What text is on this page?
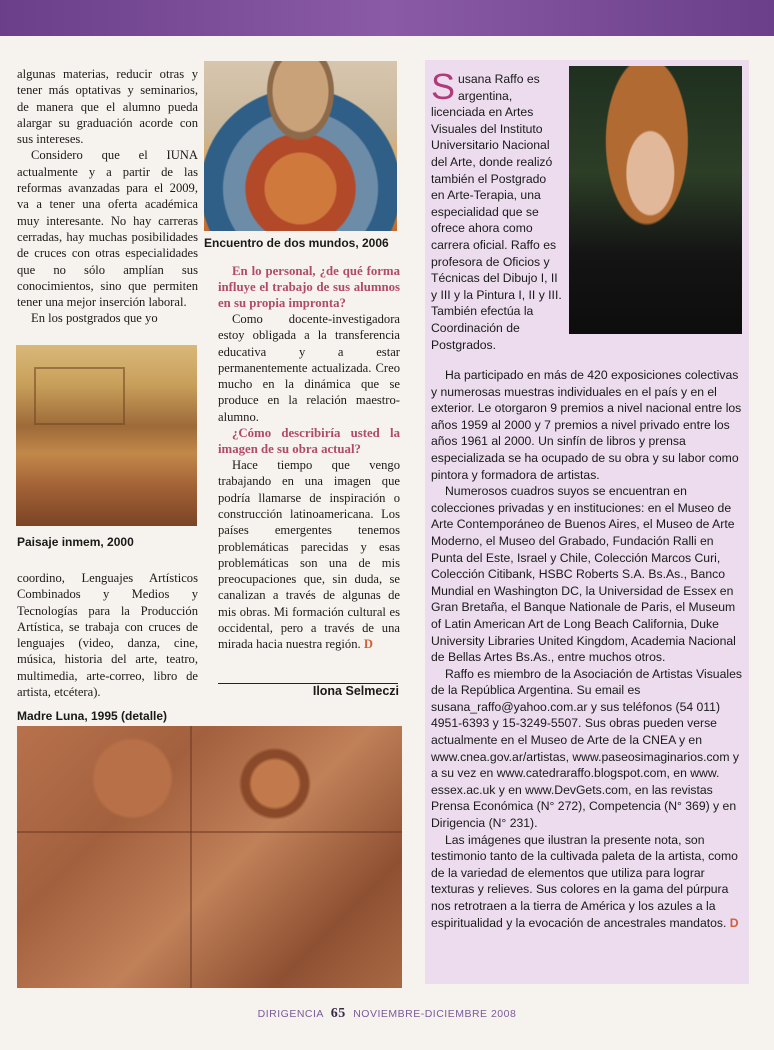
algunas materias, reducir otras y tener más optativas y seminarios, de manera que el alumno pueda alargar su graduación acorde con sus intereses.

Considero que el IUNA actualmente y a partir de las reformas avanzadas para el 2009, va a tener una oferta académica muy interesante. No hay carreras cerradas, hay muchas posibilidades de cruces con otras especialidades que no sólo amplían sus conocimientos, sino que permiten tener una mejor inserción laboral.

En los postgrados que yo

Paisaje inmem, 2000

coordino, Lenguajes Artísticos Combinados y Medios y Tecnologías para la Producción Artística, se trabaja con cruces de lenguajes (video, danza, cine, música, historia del arte, teatro, multimedia, arte-correo, libro de artista, etcétera).

Encuentro de dos mundos, 2006

En lo personal, ¿de qué forma influye el trabajo de sus alumnos en su propia impronta?

Como docente-investigadora estoy obligada a la transferencia educativa y a estar permanentemente actualizada. Creo mucho en la dinámica que se produce en la relación maestro-alumno.

¿Cómo describiría usted la imagen de su obra actual?

Hace tiempo que vengo trabajando en una imagen que podría llamarse de inspiración o construcción latinoamericana. Los países emergentes tenemos problemáticas parecidas y esas problemáticas son una de mis preocupaciones que, sin duda, se canalizan a través de algunas de mis obras. Mi formación cultural es occidental, pero a través de una mirada hacia nuestra región. D

Ilona Selmeczi
Madre Luna, 1995 (detalle)

Susana Raffo es argentina, licenciada en Artes Visuales del Instituto Universitario Nacional del Arte, donde realizó también el Postgrado en Arte-Terapia, una especialidad que se ofrece ahora como carrera oficial. Raffo es profesora de Oficios y Técnicas del Dibujo I, II y III y la Pintura I, II y III. También efectúa la Coordinación de Postgrados.

Ha participado en más de 420 exposiciones colectivas y numerosas muestras individuales en el país y en el exterior. Le otorgaron 9 premios a nivel nacional entre los años 1959 al 2000 y 7 premios a nivel privado entre los años 1961 al 2000. Un sinfín de libros y prensa especializada se ha ocupado de su obra y su labor como pintora y formadora de artistas.

Numerosos cuadros suyos se encuentran en colecciones privadas y en instituciones: en el Museo de Arte Contemporáneo de Buenos Aires, el Museo de Arte Moderno, el Museo del Grabado, Fundación Ralli en Punta del Este, Israel y Chile, Colección Marcos Curi, Colección Citibank, HSBC Roberts S.A. Bs.As., Banco Mundial en Washington DC, la Universidad de Essex en Gran Bretaña, el Banque Nationale de Paris, el Museum of Latin American Art de Long Beach California, Duke University Libraries United Kingdom, Academia Nacional de Bellas Artes Bs.As., entre muchos otros.

Raffo es miembro de la Asociación de Artistas Visuales de la República Argentina. Su email es susana_raffo@yahoo.com.ar y sus teléfonos (54 011) 4951-6393 y 15-3249-5507. Sus obras pueden verse actualmente en el Museo de Arte de la CNEA y en www.cnea.gov.ar/artistas, www.paseosimaginarios.com y a su vez en www.catedraraffo.blogspot.com, en www. essex.ac.uk y en www.DevGets.com, en las revistas Prensa Económica (N° 272), Competencia (N° 369) y en Dirigencia (N° 231).

Las imágenes que ilustran la presente nota, son testimonio tanto de la cultivada paleta de la artista, como de la variedad de elementos que utiliza para lograr texturas y relieves. Sus colores en la gama del púrpura nos retrotraen a la tierra de América y los azules a la espiritualidad y la evocación de ancestrales mandatos. D

DIRIGENCIA 65 NOVIEMBRE-DICIEMBRE 2008
